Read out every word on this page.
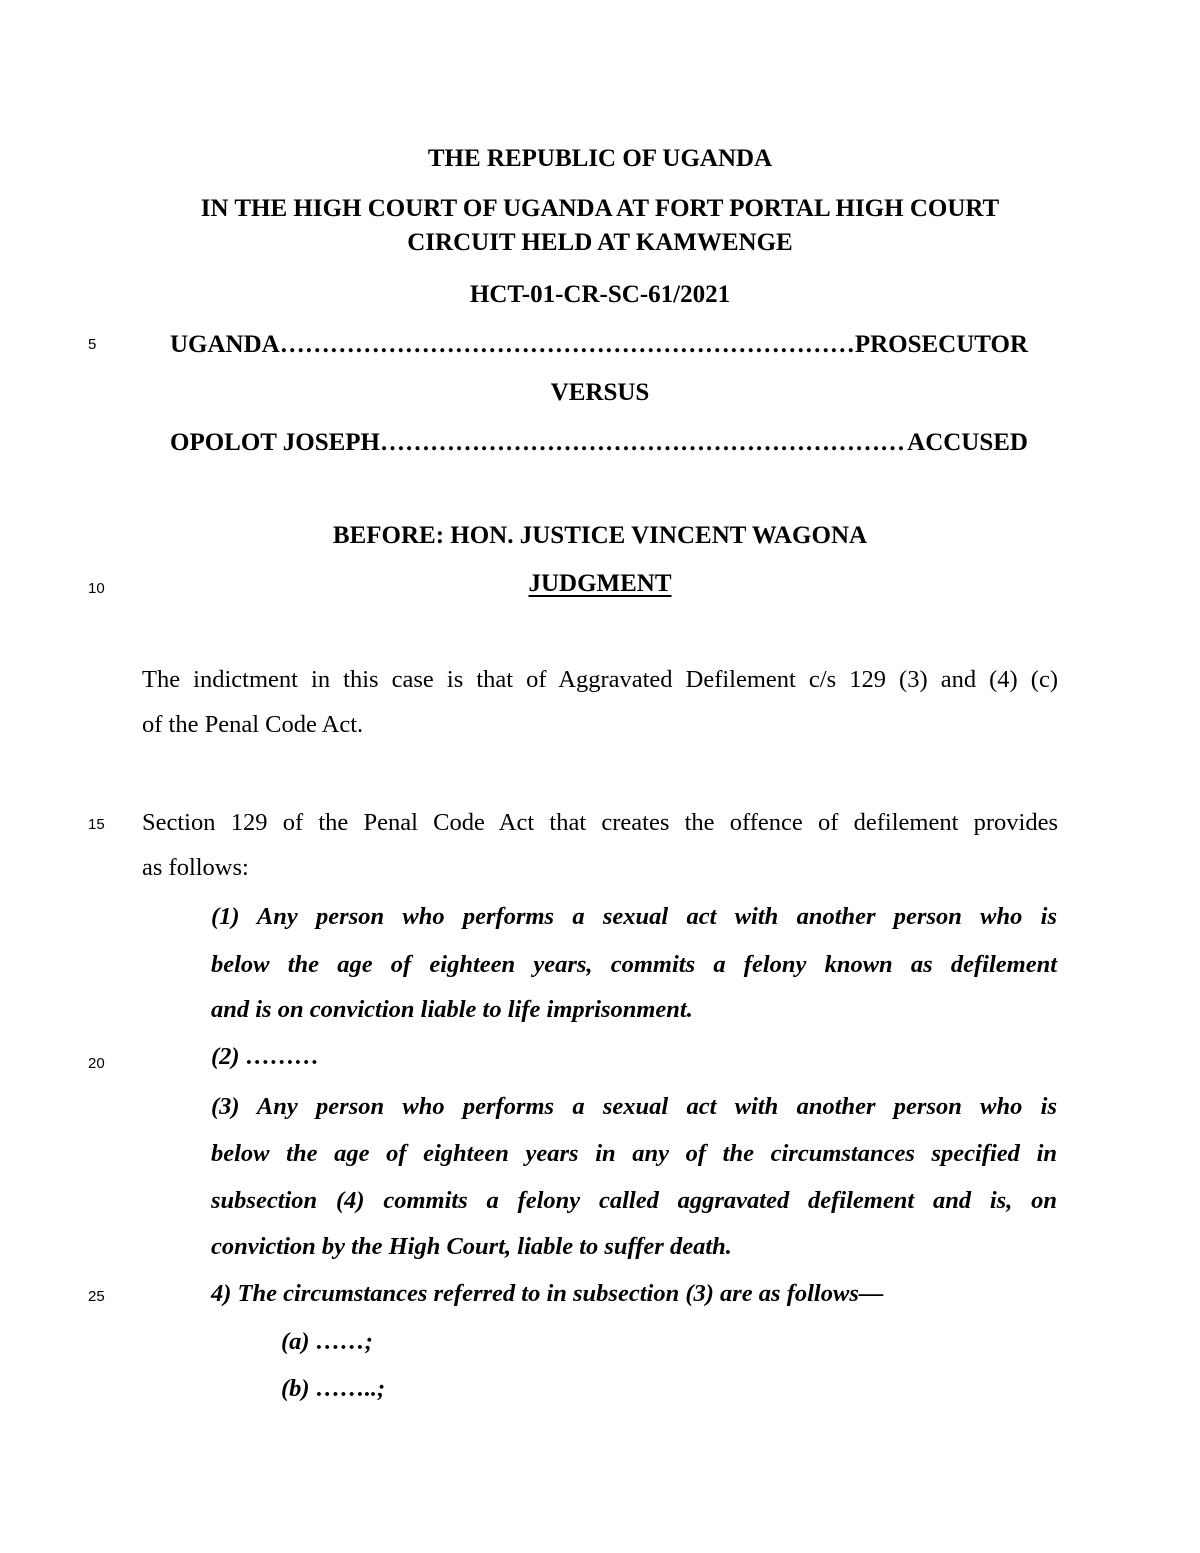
THE REPUBLIC OF UGANDA
IN THE HIGH COURT OF UGANDA AT FORT PORTAL HIGH COURT
CIRCUIT HELD AT KAMWENGE
HCT-01-CR-SC-61/2021
5
10
15
20
25
UGANDA …………………………………………………………………………………………………………	PROSECUTOR
VERSUS
OPOLOT JOSEPH …………………………………………………………………………………………………………	ACCUSED
BEFORE: HON. JUSTICE VINCENT WAGONA
JUDGMENT
The indictment in this case is that of Aggravated Defilement c/s 129 (3) and (4) (c)
of the Penal Code Act.
Section 129 of the Penal Code Act that creates the offence of defilement provides
as follows:
(1) Any person who performs a sexual act with another person who is
below the age of eighteen years, commits a felony known as defilement
and is on conviction liable to life imprisonment.
(2) ………
(3) Any person who performs a sexual act with another person who is
below the age of eighteen years in any of the circumstances specified in
subsection (4) commits a felony called aggravated defilement and is, on
conviction by the High Court, liable to suffer death.
4) The circumstances referred to in subsection (3) are as follows—
(a) ……;
(b) ……..;
